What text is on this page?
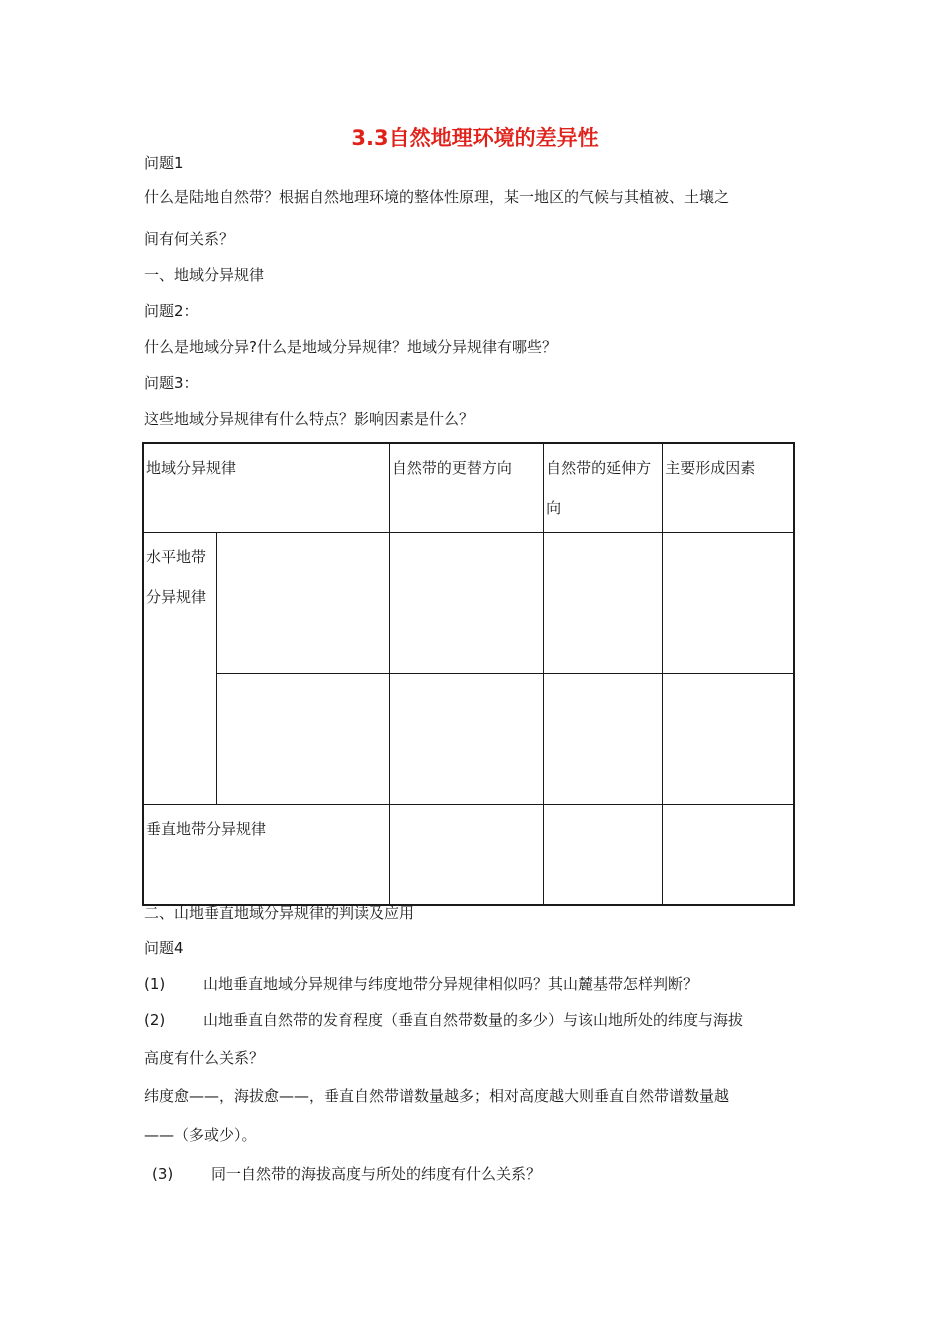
3.3自然地理环境的差异性
问题1
什么是陆地自然带？根据自然地理环境的整体性原理，某一地区的气候与其植被、土壤之
间有何关系？
一、地域分异规律
问题2：
什么是地域分异?什么是地域分异规律？地域分异规律有哪些？
问题3：
这些地域分异规律有什么特点？影响因素是什么？
地域分异规律		自然带的更替方向	自然带的延伸方向	主要形成因素
水平地带分异规律				

垂直地带分异规律				
二、山地垂直地域分异规律的判读及应用
问题4
(1)	山地垂直地域分异规律与纬度地带分异规律相似吗？其山麓基带怎样判断？
(2)	山地垂直自然带的发育程度（垂直自然带数量的多少）与该山地所处的纬度与海拔
高度有什么关系？
纬度愈——，海拔愈——，垂直自然带谱数量越多；相对高度越大则垂直自然带谱数量越
——（多或少）。
(3)	同一自然带的海拔高度与所处的纬度有什么关系？
